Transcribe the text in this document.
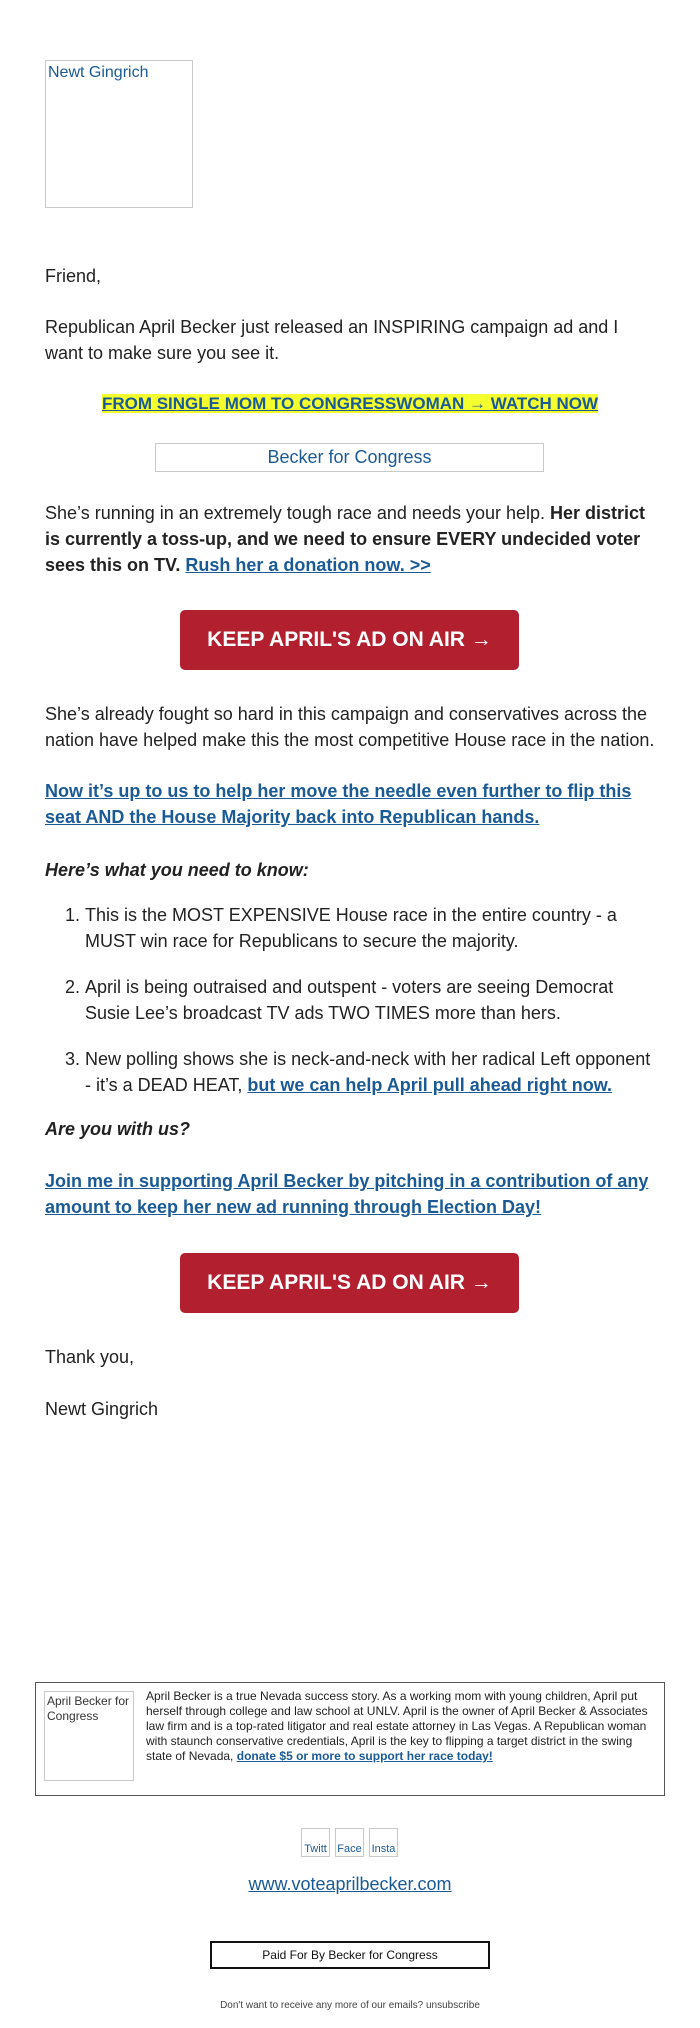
Newt Gingrich

Friend,

Republican April Becker just released an INSPIRING campaign ad and I want to make sure you see it.

FROM SINGLE MOM TO CONGRESSWOMAN → WATCH NOW
Becker for Congress

She’s running in an extremely tough race and needs your help. Her district is currently a toss-up, and we need to ensure EVERY undecided voter sees this on TV. Rush her a donation now. >>

KEEP APRIL'S AD ON AIR →

She’s already fought so hard in this campaign and conservatives across the nation have helped make this the most competitive House race in the nation.

Now it’s up to us to help her move the needle even further to flip this seat AND the House Majority back into Republican hands.

Here’s what you need to know:

1. This is the MOST EXPENSIVE House race in the entire country - a MUST win race for Republicans to secure the majority.
2. April is being outraised and outspent - voters are seeing Democrat Susie Lee’s broadcast TV ads TWO TIMES more than hers.
3. New polling shows she is neck-and-neck with her radical Left opponent - it’s a DEAD HEAT, but we can help April pull ahead right now.

Are you with us?

Join me in supporting April Becker by pitching in a contribution of any amount to keep her new ad running through Election Day!

KEEP APRIL'S AD ON AIR →

Thank you,

Newt Gingrich

April Becker for Congress
April Becker is a true Nevada success story. As a working mom with young children, April put herself through college and law school at UNLV. April is the owner of April Becker & Associates law firm and is a top-rated litigator and real estate attorney in Las Vegas. A Republican woman with staunch conservative credentials, April is the key to flipping a target district in the swing state of Nevada, donate $5 or more to support her race today!
Twitt Face Insta
www.voteaprilbecker.com
Paid For By Becker for Congress
Don't want to receive any more of our emails? unsubscribe
